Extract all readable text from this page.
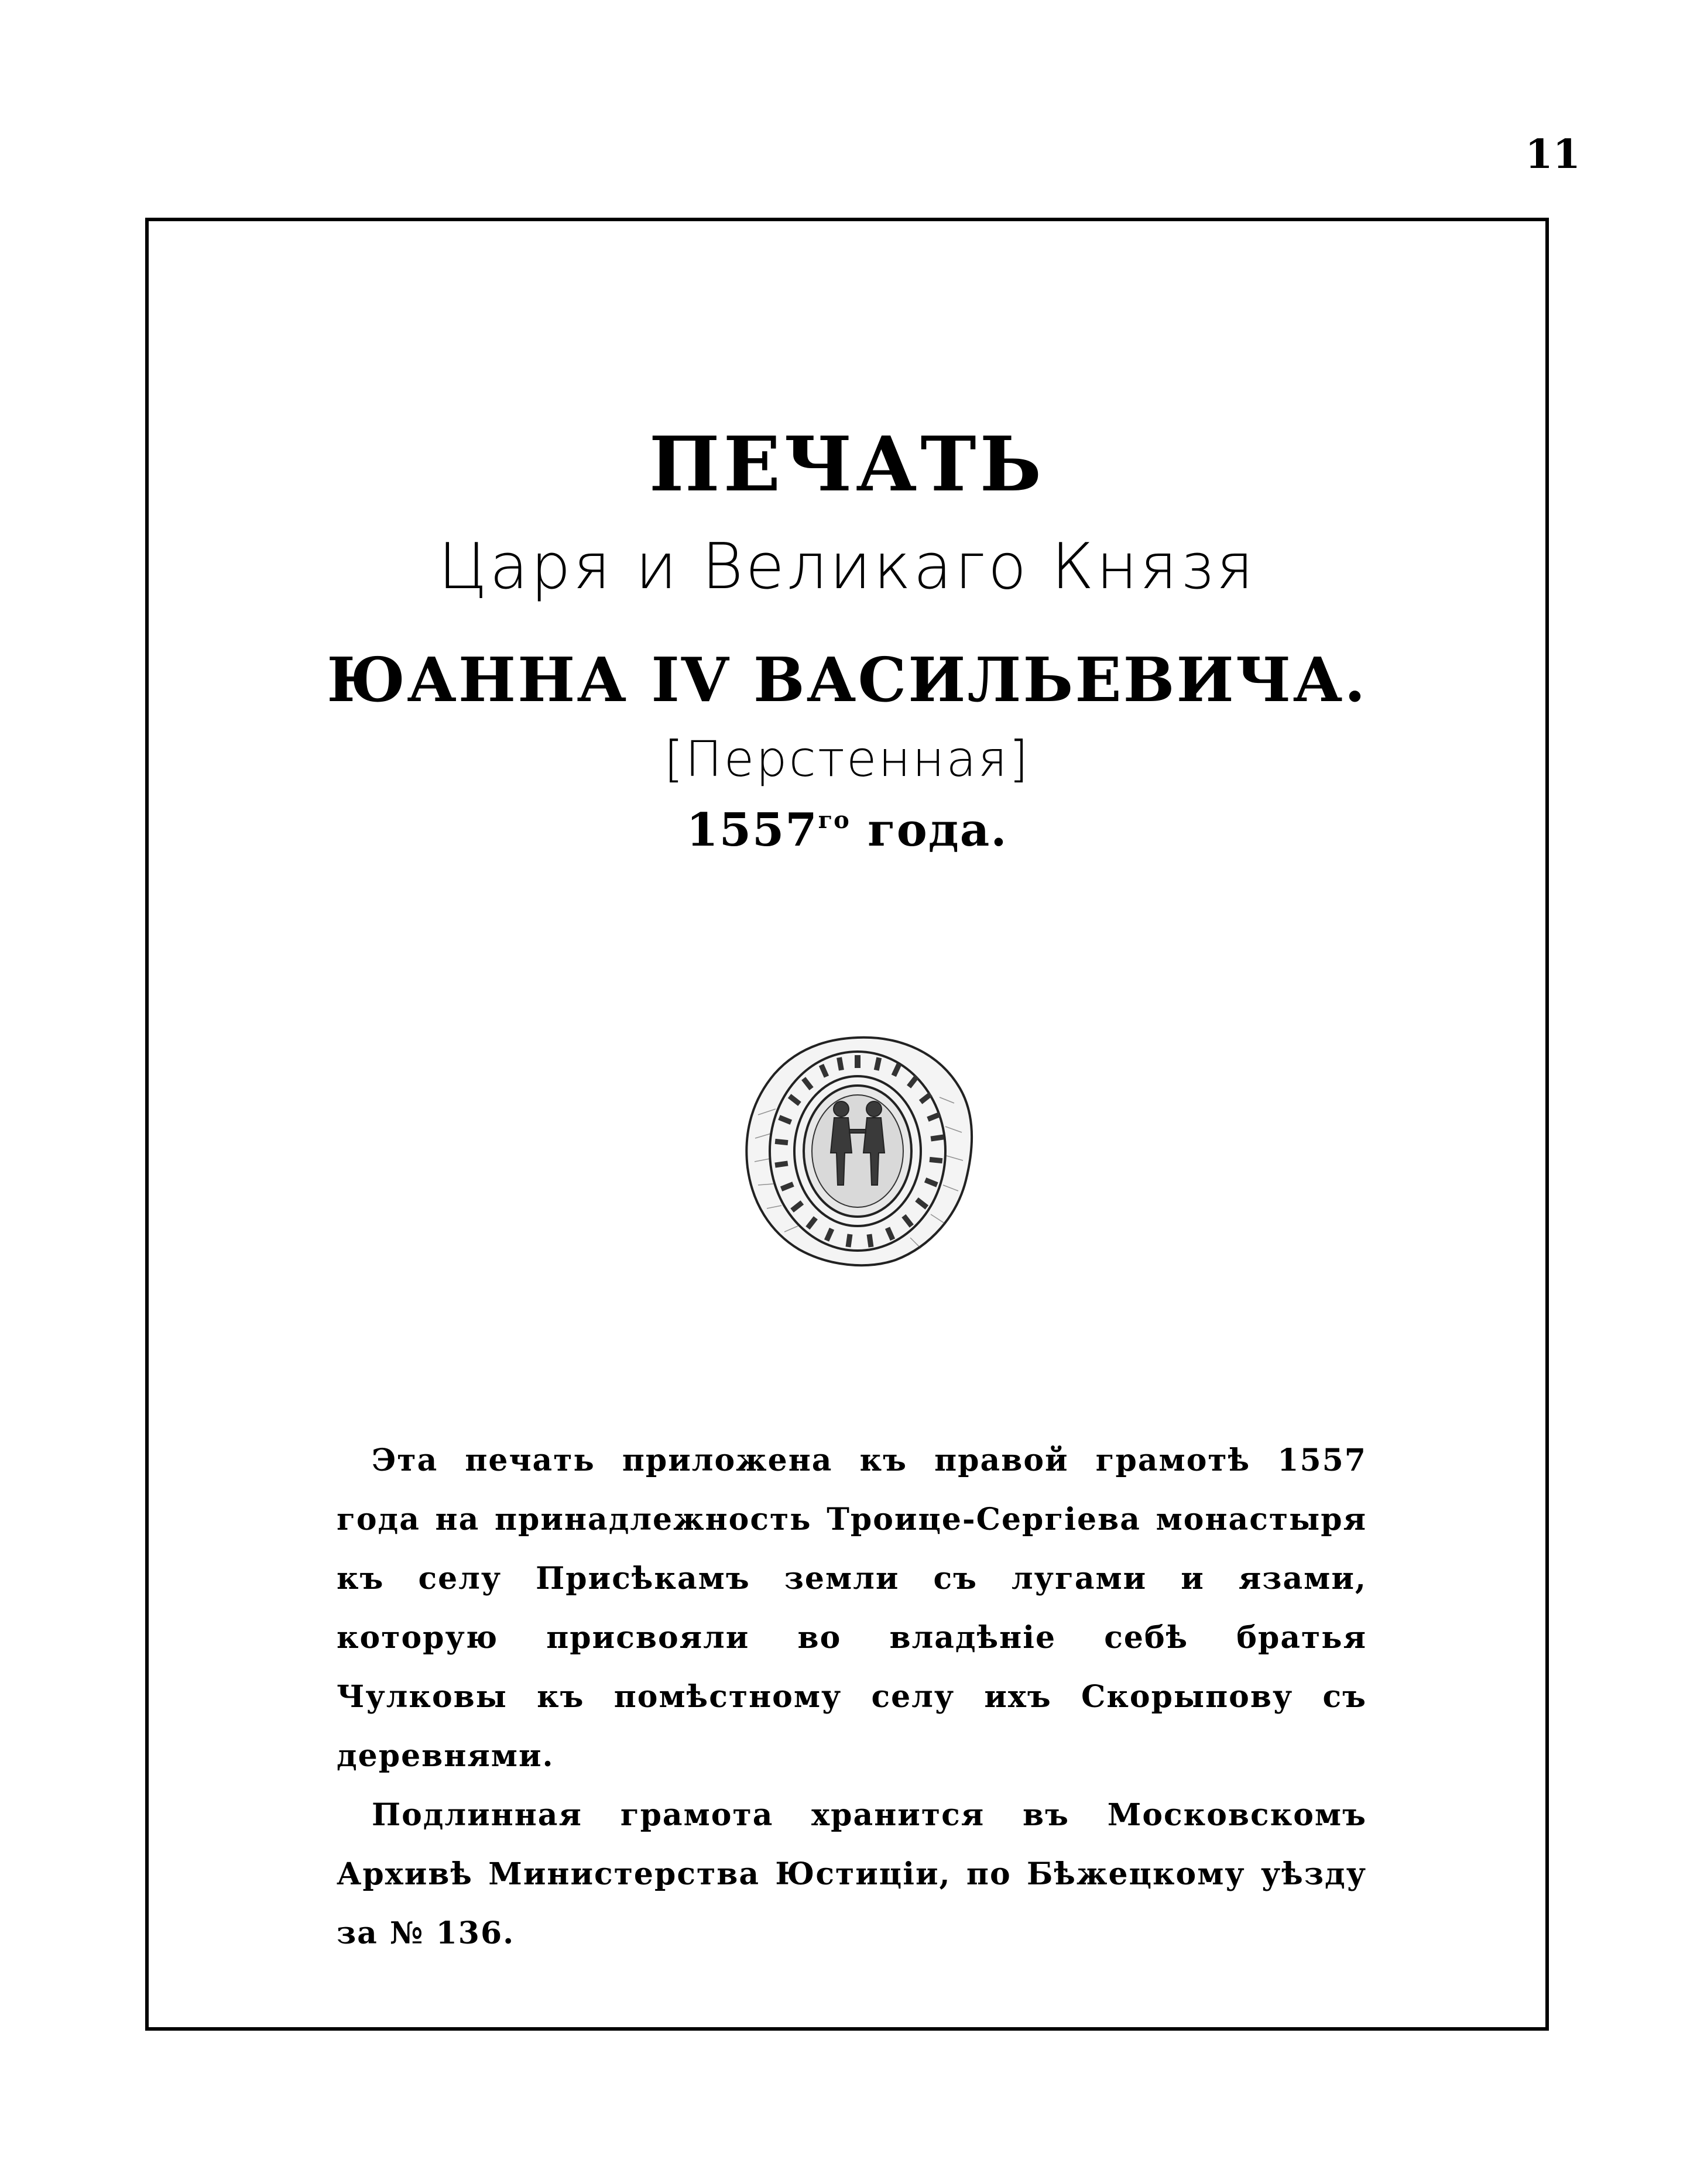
11
ПЕЧАТЬ
Царя и Великаго Князя
ЮАННА IV ВАСИЛЬЕВИЧА.
[Перстенная]
$1557^{го}$ года.

Эта печать приложена къ правой грамотѣ 1557 года на принадлежность Троице-Сергіева монастыря къ селу Присѣкамъ земли съ лугами и язами, которую присвояли во владѣніе себѣ братья Чулковы къ помѣстному селу ихъ Скорыпову съ деревнями.

Подлинная грамота хранится въ Московскомъ Архивѣ Министерства Юстиціи, по Бѣжецкому уѣзду за № 136.
